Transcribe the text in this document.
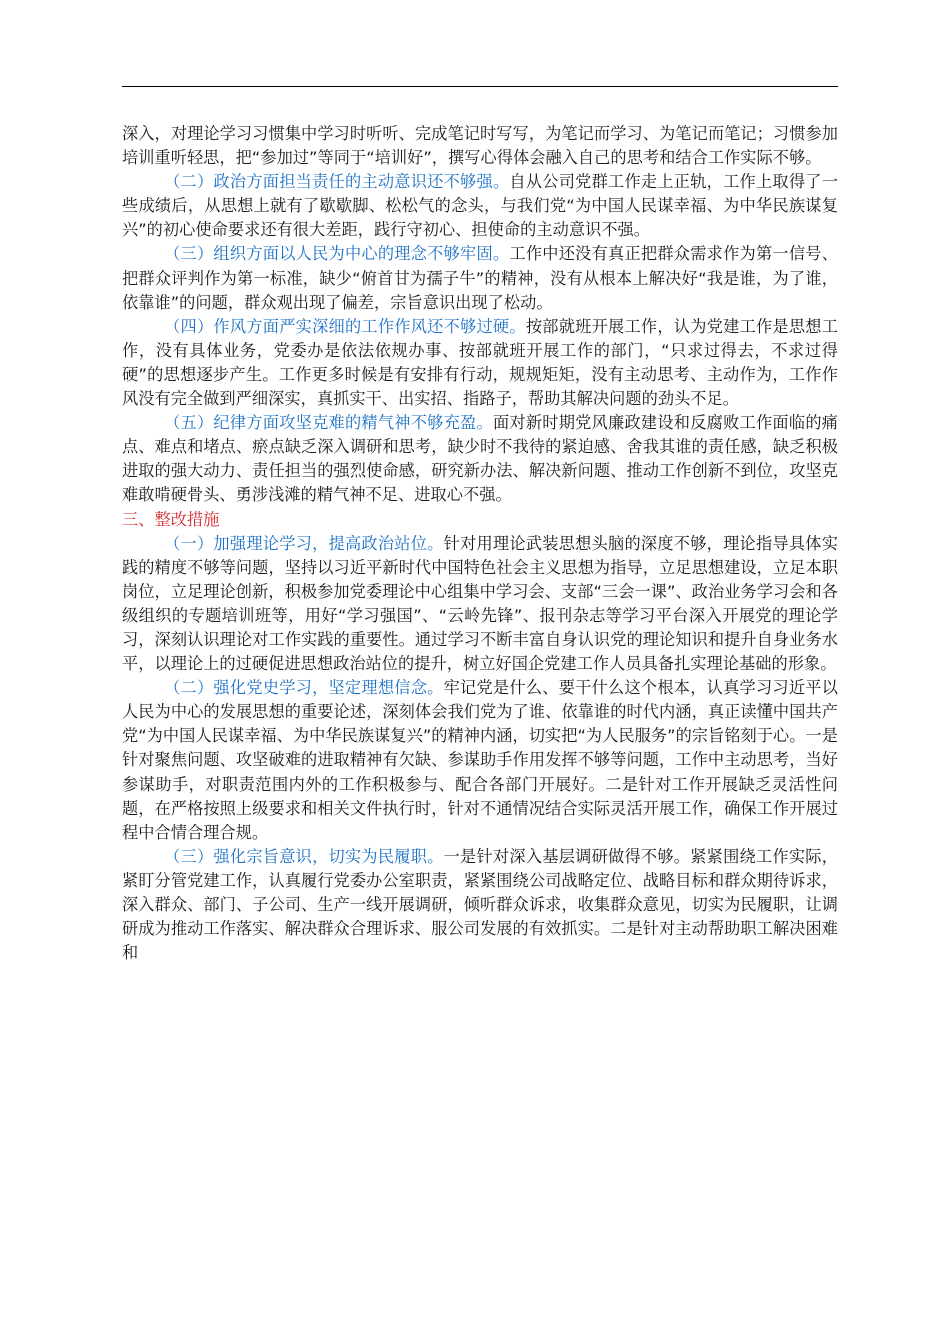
深入，对理论学习习惯集中学习时听听、完成笔记时写写，为笔记而学习、为笔记而笔记；习惯参加培训重听轻思，把“参加过”等同于“培训好”，撰写心得体会融入自己的思考和结合工作实际不够。

（二）政治方面担当责任的主动意识还不够强。自从公司党群工作走上正轨，工作上取得了一些成绩后，从思想上就有了歇歇脚、松松气的念头，与我们党“为中国人民谋幸福、为中华民族谋复兴”的初心使命要求还有很大差距，践行守初心、担使命的主动意识不强。

（三）组织方面以人民为中心的理念不够牢固。工作中还没有真正把群众需求作为第一信号、把群众评判作为第一标准，缺少“俯首甘为孺子牛”的精神，没有从根本上解决好“我是谁，为了谁，依靠谁”的问题，群众观出现了偏差，宗旨意识出现了松动。

（四）作风方面严实深细的工作作风还不够过硬。按部就班开展工作，认为党建工作是思想工作，没有具体业务，党委办是依法依规办事、按部就班开展工作的部门，“只求过得去，不求过得硬”的思想逐步产生。工作更多时候是有安排有行动，规规矩矩，没有主动思考、主动作为，工作作风没有完全做到严细深实，真抓实干、出实招、指路子，帮助其解决问题的劲头不足。

（五）纪律方面攻坚克难的精气神不够充盈。面对新时期党风廉政建设和反腐败工作面临的痛点、难点和堵点、瘀点缺乏深入调研和思考，缺少时不我待的紧迫感、舍我其谁的责任感，缺乏积极进取的强大动力、责任担当的强烈使命感，研究新办法、解决新问题、推动工作创新不到位，攻坚克难敢啃硬骨头、勇涉浅滩的精气神不足、进取心不强。

三、整改措施

（一）加强理论学习，提高政治站位。针对用理论武装思想头脑的深度不够，理论指导具体实践的精度不够等问题，坚持以习近平新时代中国特色社会主义思想为指导，立足思想建设，立足本职岗位，立足理论创新，积极参加党委理论中心组集中学习会、支部“三会一课”、政治业务学习会和各级组织的专题培训班等，用好“学习强国”、“云岭先锋”、报刊杂志等学习平台深入开展党的理论学习，深刻认识理论对工作实践的重要性。通过学习不断丰富自身认识党的理论知识和提升自身业务水平，以理论上的过硬促进思想政治站位的提升，树立好国企党建工作人员具备扎实理论基础的形象。

（二）强化党史学习，坚定理想信念。牢记党是什么、要干什么这个根本，认真学习习近平以人民为中心的发展思想的重要论述，深刻体会我们党为了谁、依靠谁的时代内涵，真正读懂中国共产党“为中国人民谋幸福、为中华民族谋复兴”的精神内涵，切实把“为人民服务”的宗旨铭刻于心。一是针对聚焦问题、攻坚破难的进取精神有欠缺、参谋助手作用发挥不够等问题，工作中主动思考，当好参谋助手，对职责范围内外的工作积极参与、配合各部门开展好。二是针对工作开展缺乏灵活性问题，在严格按照上级要求和相关文件执行时，针对不通情况结合实际灵活开展工作，确保工作开展过程中合情合理合规。

（三）强化宗旨意识，切实为民履职。一是针对深入基层调研做得不够。紧紧围绕工作实际，紧盯分管党建工作，认真履行党委办公室职责，紧紧围绕公司战略定位、战略目标和群众期待诉求，深入群众、部门、子公司、生产一线开展调研，倾听群众诉求，收集群众意见，切实为民履职，让调研成为推动工作落实、解决群众合理诉求、服公司发展的有效抓实。二是针对主动帮助职工解决困难和
